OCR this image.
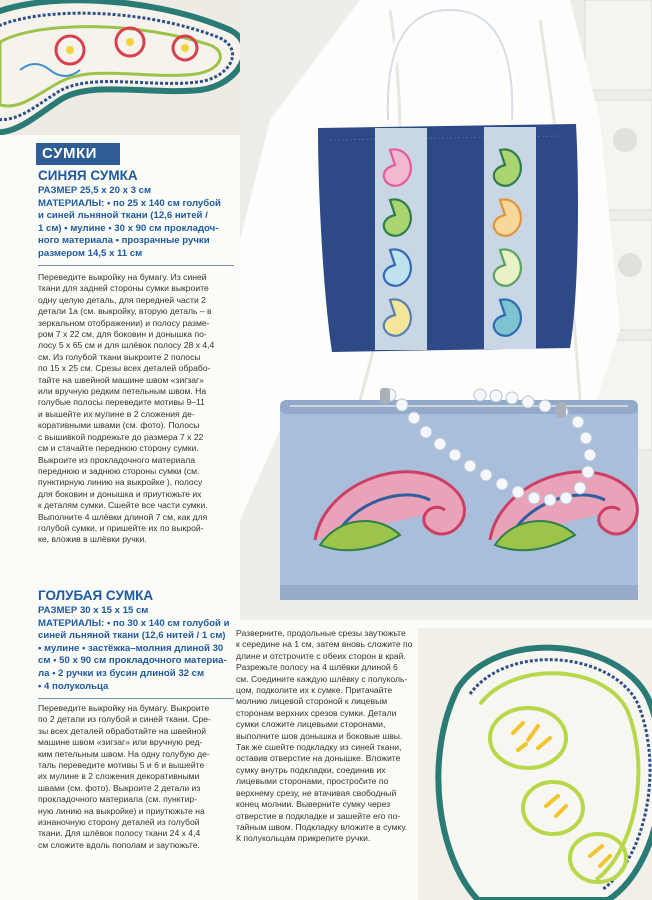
СУМКИ
СИНЯЯ СУМКА
РАЗМЕР 25,5 х 20 х 3 см
МАТЕРИАЛЫ: • по 25 х 140 см голубой
и синей льняной ткани (12,6 нитей /
1 см) • мулине • 30 х 90 см прокладоч-
ного материала • прозрачные ручки
размером 14,5 х 11 см
Переведите выкройку на бумагу. Из синей
ткани для задней стороны сумки выкроите
одну целую деталь, для передней части 2
детали 1а (см. выкройку, вторую деталь – в
зеркальном отображении) и полосу разме-
ром 7 х 22 см, для боковин и донышка по-
лосу 5 х 65 см и для шлёвок полосу 28 х 4,4
см. Из голубой ткани выкроите 2 полосы
по 15 х 25 см. Срезы всех деталей обрабо-
тайте на швейной машине швом «зигзаг»
или вручную редким петельным швом. На
голубые полосы переведите мотивы 9–11
и вышейте их мулине в 2 сложения де-
коративными швами (см. фото). Полосы
с вышивкой подрежьте до размера 7 х 22
см и стачайте переднюю сторону сумки.
Выкроите из прокладочного материала
переднюю и заднюю стороны сумки (см.
пунктирную линию на выкройке ), полосу
для боковин и донышка и приутюжьте их
к деталям сумки. Сшейте все части сумки.
Выполните 4 шлёвки длиной 7 см, как для
голубой сумки, и пришейте их по выкрой-
ке, вложив в шлёвки ручки.
ГОЛУБАЯ СУМКА
РАЗМЕР 30 х 15 х 15 см
МАТЕРИАЛЫ: • по 30 х 140 см голубой и
синей льняной ткани (12,6 нитей / 1 см)
• мулине • застёжка–молния длиной 30
см • 50 х 90 см прокладочного материа-
ла • 2 ручки из бусин длиной 32 см
• 4 полукольца
Переведите выкройку на бумагу. Выкроите
по 2 детали из голубой и синей ткани. Сре-
зы всех деталей обработайте на швейной
машине швом «зигзаг» или вручную ред-
ким петельным швом. На одну голубую де-
таль переведите мотивы 5 и 6 и вышейте
их мулине в 2 сложения декоративными
швами (см. фото). Выкроите 2 детали из
прокладочного материала (см. пунктир-
ную линию на выкройке) и приутюжьте на
изнаночную сторону деталей из голубой
ткани. Для шлёвок полосу ткани 24 х 4,4
см сложите вдоль пополам и заутюжьте.
Разверните, продольные срезы заутюжьте
к середине на 1 см, затем вновь сложите по
длине и отстрочите с обеих сторон в край.
Разрежьте полосу на 4 шлёвки длиной 6
см. Соедините каждую шлёвку с полуколь-
цом, подколите их к сумке. Притачайте
молнию лицевой стороной к лицевым
сторонам верхних срезов сумки. Детали
сумки сложите лицевыми сторонами,
выполните шов донышка и боковые швы.
Так же сшейте подкладку из синей ткани,
оставив отверстие на донышке. Вложите
сумку внутрь подкладки, соединив их
лицевыми сторонами, простроčите по
верхнему срезу, не втачивая свободный
конец молнии. Выверните сумку через
отверстие в подкладке и зашейте его по-
тайным швом. Подкладку вложите в сумку.
К полукольцам прикрепите ручки.
